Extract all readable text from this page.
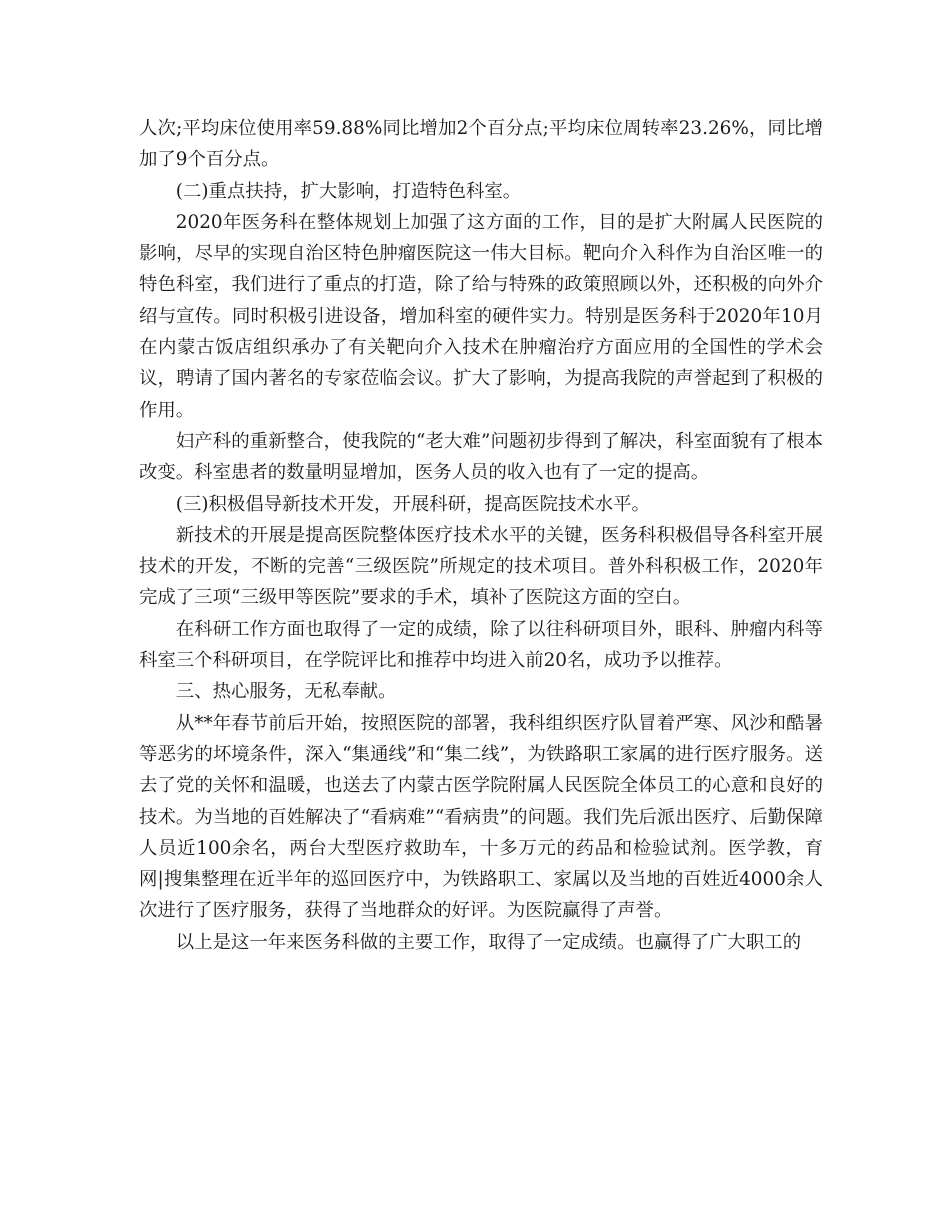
人次;平均床位使用率59.88%同比增加2个百分点;平均床位周转率23.26%，同比增加了9个百分点。

(二)重点扶持，扩大影响，打造特色科室。

2020年医务科在整体规划上加强了这方面的工作，目的是扩大附属人民医院的影响，尽早的实现自治区特色肿瘤医院这一伟大目标。靶向介入科作为自治区唯一的特色科室，我们进行了重点的打造，除了给与特殊的政策照顾以外，还积极的向外介绍与宣传。同时积极引进设备，增加科室的硬件实力。特别是医务科于2020年10月在内蒙古饭店组织承办了有关靶向介入技术在肿瘤治疗方面应用的全国性的学术会议，聘请了国内著名的专家莅临会议。扩大了影响，为提高我院的声誉起到了积极的作用。

妇产科的重新整合，使我院的“老大难”问题初步得到了解决，科室面貌有了根本改变。科室患者的数量明显增加，医务人员的收入也有了一定的提高。

(三)积极倡导新技术开发，开展科研，提高医院技术水平。

新技术的开展是提高医院整体医疗技术水平的关键，医务科积极倡导各科室开展技术的开发，不断的完善“三级医院”所规定的技术项目。普外科积极工作，2020年完成了三项“三级甲等医院”要求的手术，填补了医院这方面的空白。

在科研工作方面也取得了一定的成绩，除了以往科研项目外，眼科、肿瘤内科等科室三个科研项目，在学院评比和推荐中均进入前20名，成功予以推荐。

三、热心服务，无私奉献。

从**年春节前后开始，按照医院的部署，我科组织医疗队冒着严寒、风沙和酷暑等恶劣的坏境条件，深入“集通线”和“集二线”，为铁路职工家属的进行医疗服务。送去了党的关怀和温暖，也送去了内蒙古医学院附属人民医院全体员工的心意和良好的技术。为当地的百姓解决了“看病难”“看病贵”的问题。我们先后派出医疗、后勤保障人员近100余名，两台大型医疗救助车，十多万元的药品和检验试剂。医学教，育网|搜集整理在近半年的巡回医疗中，为铁路职工、家属以及当地的百姓近4000余人次进行了医疗服务，获得了当地群众的好评。为医院赢得了声誉。

以上是这一年来医务科做的主要工作，取得了一定成绩。也赢得了广大职工的
